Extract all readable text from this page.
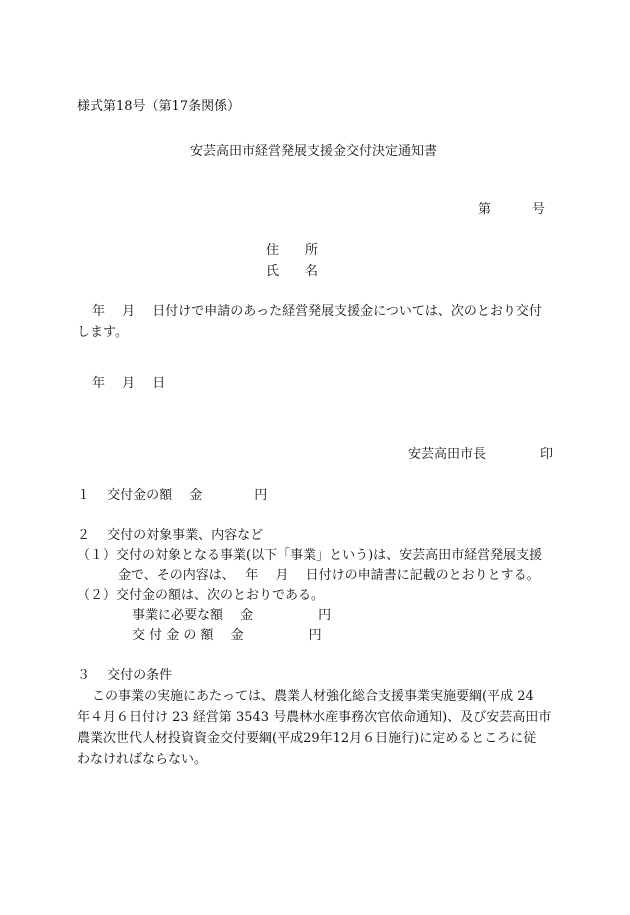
様式第18号（第17条関係）
安芸高田市経営発展支援金交付決定通知書
第	号
住　　所
氏　　名
年　 月　 日付けで申請のあった経営発展支援金については、次のとおり交付
します。
年　 月　 日
安芸高田市長	印
１　 交付金の額　 金　　　　円
２　 交付の対象事業、内容など
（１）交付の対象となる事業(以下「事業」という)は、安芸高田市経営発展支援
金で、その内容は、　 年　 月　 日付けの申請書に記載のとおりとする。
（２）交付金の額は、次のとおりである。
事業に必要な額　 金　　　　　円
交 付 金 の 額　 金　　　　　円
３　 交付の条件
この事業の実施にあたっては、農業人材強化総合支援事業実施要綱(平成 24
年４月６日付け 23 経営第 3543 号農林水産事務次官依命通知)、及び安芸高田市
農業次世代人材投資資金交付要綱(平成29年12月６日施行)に定めるところに従
わなければならない。
